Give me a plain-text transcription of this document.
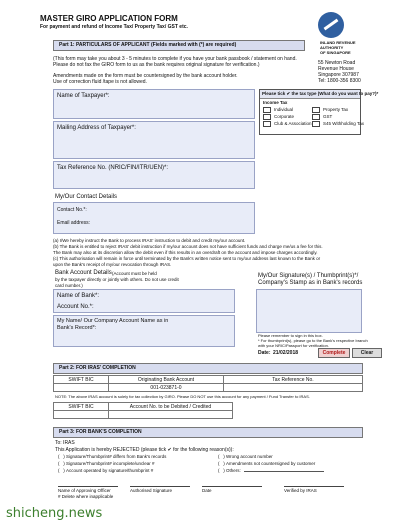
MASTER GIRO APPLICATION FORM
For payment and refund of Income Tax/ Property Tax/ GST etc.
INLAND REVENUE
AUTHORITY
OF SINGAPORE
Part 1: PARTICULARS OF APPLICANT (Fields marked with (*) are required)
(This form may take you about 3 - 5 minutes to complete if you have your bank passbook / statement on hand.
Please do not fax the GIRO form to us as the bank requires original signature for verification.)
Amendments made on the form must be countersigned by the bank account holder.
Use of correction fluid /tape is not allowed.
55 Newton Road
Revenue House
Singapore 307987
Tel: 1800-356 8300
Name of Taxpayer*:
Mailing Address of Taxpayer*:
Tax Reference No. (NRIC/FIN/ITR/UEN)*:
My/Our Contact Details
Contact No.*:
Email address:
Please tick ✔ the tax type (What do you want to pay?)*
Income Tax
Individual
Corporate
Club & Association
Property Tax
GST
S45 Withholding Tax
(a) I/We hereby instruct the Bank to process IRAS' instruction to debit and credit my/our account.
(b) The Bank is entitled to reject IRAS' debit instruction if my/our account does not have sufficient funds and charge me/us a fee for this.
The Bank may also at its discretion allow the debit even if this results in an overdraft on the account and impose charges accordingly.
(c) This authorisation will remain in force until terminated by the Bank's written notice sent to my/our address last known to the Bank or
upon the Bank's receipt of my/our revocation through IRAS.
Bank Account Details (Account must be held
by the taxpayer directly or jointly with others. Do not use credit
card number.)
Name of Bank*:
Account No.*:
My Name/ Our Company Account Name as in
Bank's Record*:
My/Our Signature(s) / Thumbprint(s)*/
Company's Stamp as in Bank's records
Please remember to sign in this box.
* For thumbprint(s), please go to the Bank's respective branch
with your NRIC/Passport for verification.
Date: 21/02/2018	Complete	Clear
Part 2: FOR IRAS' COMPLETION
SWIFT BIC	Originating Bank Account	Tax Reference No.
	001-023871-0	
NOTE: The above IRAS account is solely for tax collection by GIRO. Please DO NOT use this account for any payment / Fund Transfer to IRAS.
SWIFT BIC	Account No. to be Debited / Credited

Part 3: FOR BANK'S COMPLETION
To: IRAS
This Application is hereby REJECTED (please tick ✔ for the following reason(s)):
(   ) Signature/Thumbprint# differs from Bank's records
(   ) Signature/Thumbprint# incomplete/unclear #
(   ) Account operated by signature/thumbprint #
(   ) Wrong account number
(   ) Amendments not countersigned by customer
(   ) Others:
Name of Approving Officer	Authorised Signature	Date	Verified by IRAS
# Delete where inapplicable
shicheng.news
